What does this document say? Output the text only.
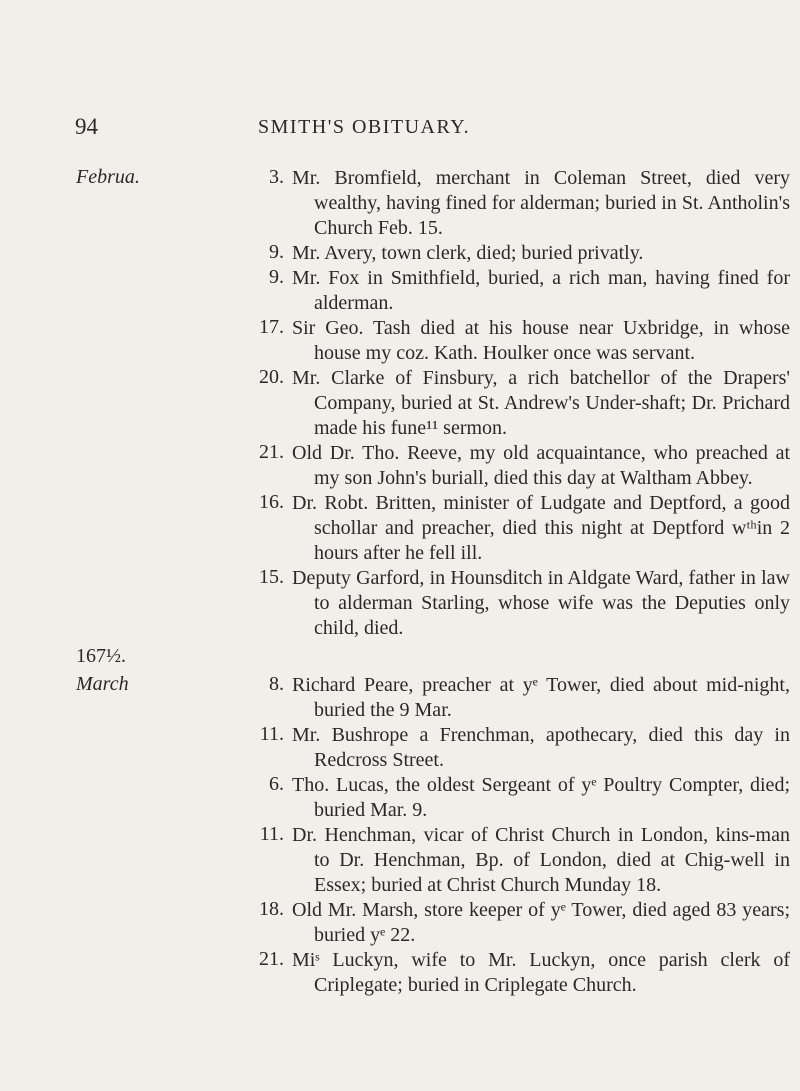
94	SMITH'S OBITUARY.
Februa.	3. Mr. Bromfield, merchant in Coleman Street, died very wealthy, having fined for alderman; buried in St. Antholin's Church Feb. 15.
9. Mr. Avery, town clerk, died; buried privatly.
9. Mr. Fox in Smithfield, buried, a rich man, having fined for alderman.
17. Sir Geo. Tash died at his house near Uxbridge, in whose house my coz. Kath. Houlker once was servant.
20. Mr. Clarke of Finsbury, a rich batchellor of the Drapers' Company, buried at St. Andrew's Under-shaft; Dr. Prichard made his fune¹¹ sermon.
21. Old Dr. Tho. Reeve, my old acquaintance, who preached at my son John's buriall, died this day at Waltham Abbey.
16. Dr. Robt. Britten, minister of Ludgate and Deptford, a good schollar and preacher, died this night at Deptford wᵗʰin 2 hours after he fell ill.
15. Deputy Garford, in Hounsditch in Aldgate Ward, father in law to alderman Starling, whose wife was the Deputies only child, died.
167½.
March	8. Richard Peare, preacher at yᵉ Tower, died about mid-night, buried the 9 Mar.
11. Mr. Bushrope a Frenchman, apothecary, died this day in Redcross Street.
6. Tho. Lucas, the oldest Sergeant of yᵉ Poultry Compter, died; buried Mar. 9.
11. Dr. Henchman, vicar of Christ Church in London, kins-man to Dr. Henchman, Bp. of London, died at Chig-well in Essex; buried at Christ Church Munday 18.
18. Old Mr. Marsh, store keeper of yᵉ Tower, died aged 83 years; buried yᵉ 22.
21. Miˢ Luckyn, wife to Mr. Luckyn, once parish clerk of Criplegate; buried in Criplegate Church.
